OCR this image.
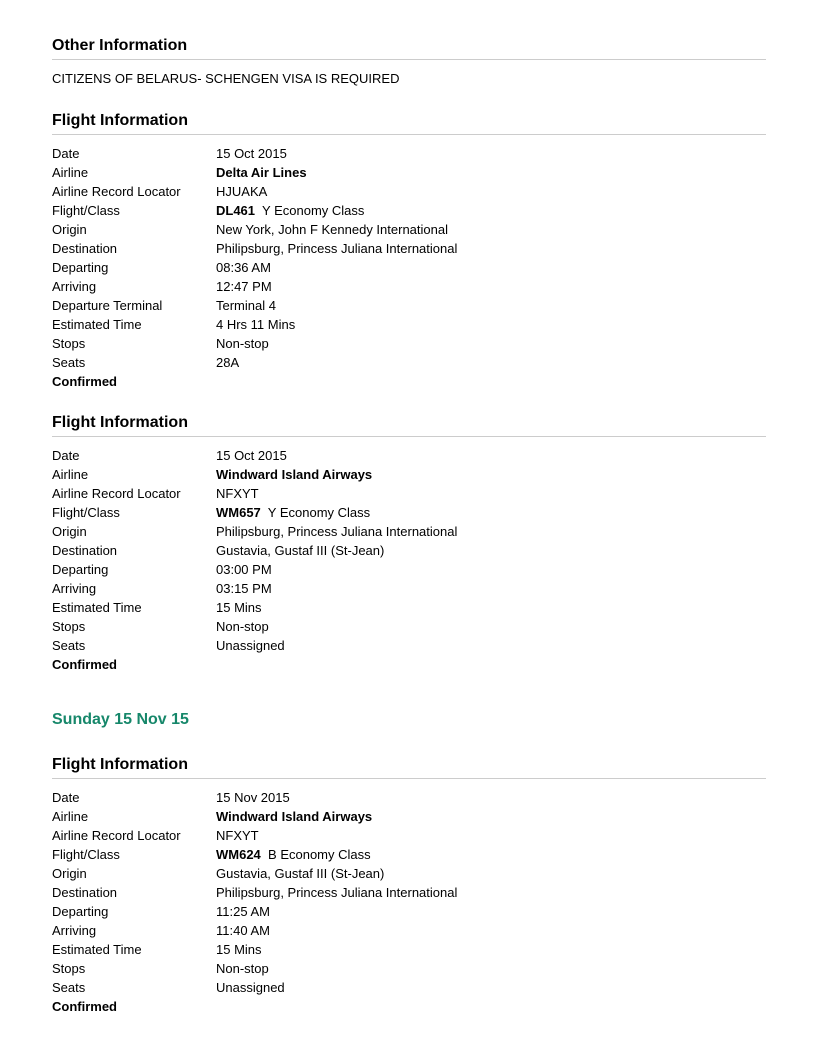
Other Information
CITIZENS OF BELARUS- SCHENGEN VISA IS REQUIRED
Flight Information
Date	15 Oct 2015
Airline	Delta Air Lines
Airline Record Locator	HJUAKA
Flight/Class	DL461 Y Economy Class
Origin	New York, John F Kennedy International
Destination	Philipsburg, Princess Juliana International
Departing	08:36 AM
Arriving	12:47 PM
Departure Terminal	Terminal 4
Estimated Time	4 Hrs 11 Mins
Stops	Non-stop
Seats	28A
Confirmed
Flight Information
Date	15 Oct 2015
Airline	Windward Island Airways
Airline Record Locator	NFXYT
Flight/Class	WM657 Y Economy Class
Origin	Philipsburg, Princess Juliana International
Destination	Gustavia, Gustaf III (St-Jean)
Departing	03:00 PM
Arriving	03:15 PM
Estimated Time	15 Mins
Stops	Non-stop
Seats	Unassigned
Confirmed
Sunday 15 Nov 15
Flight Information
Date	15 Nov 2015
Airline	Windward Island Airways
Airline Record Locator	NFXYT
Flight/Class	WM624 B Economy Class
Origin	Gustavia, Gustaf III (St-Jean)
Destination	Philipsburg, Princess Juliana International
Departing	11:25 AM
Arriving	11:40 AM
Estimated Time	15 Mins
Stops	Non-stop
Seats	Unassigned
Confirmed
